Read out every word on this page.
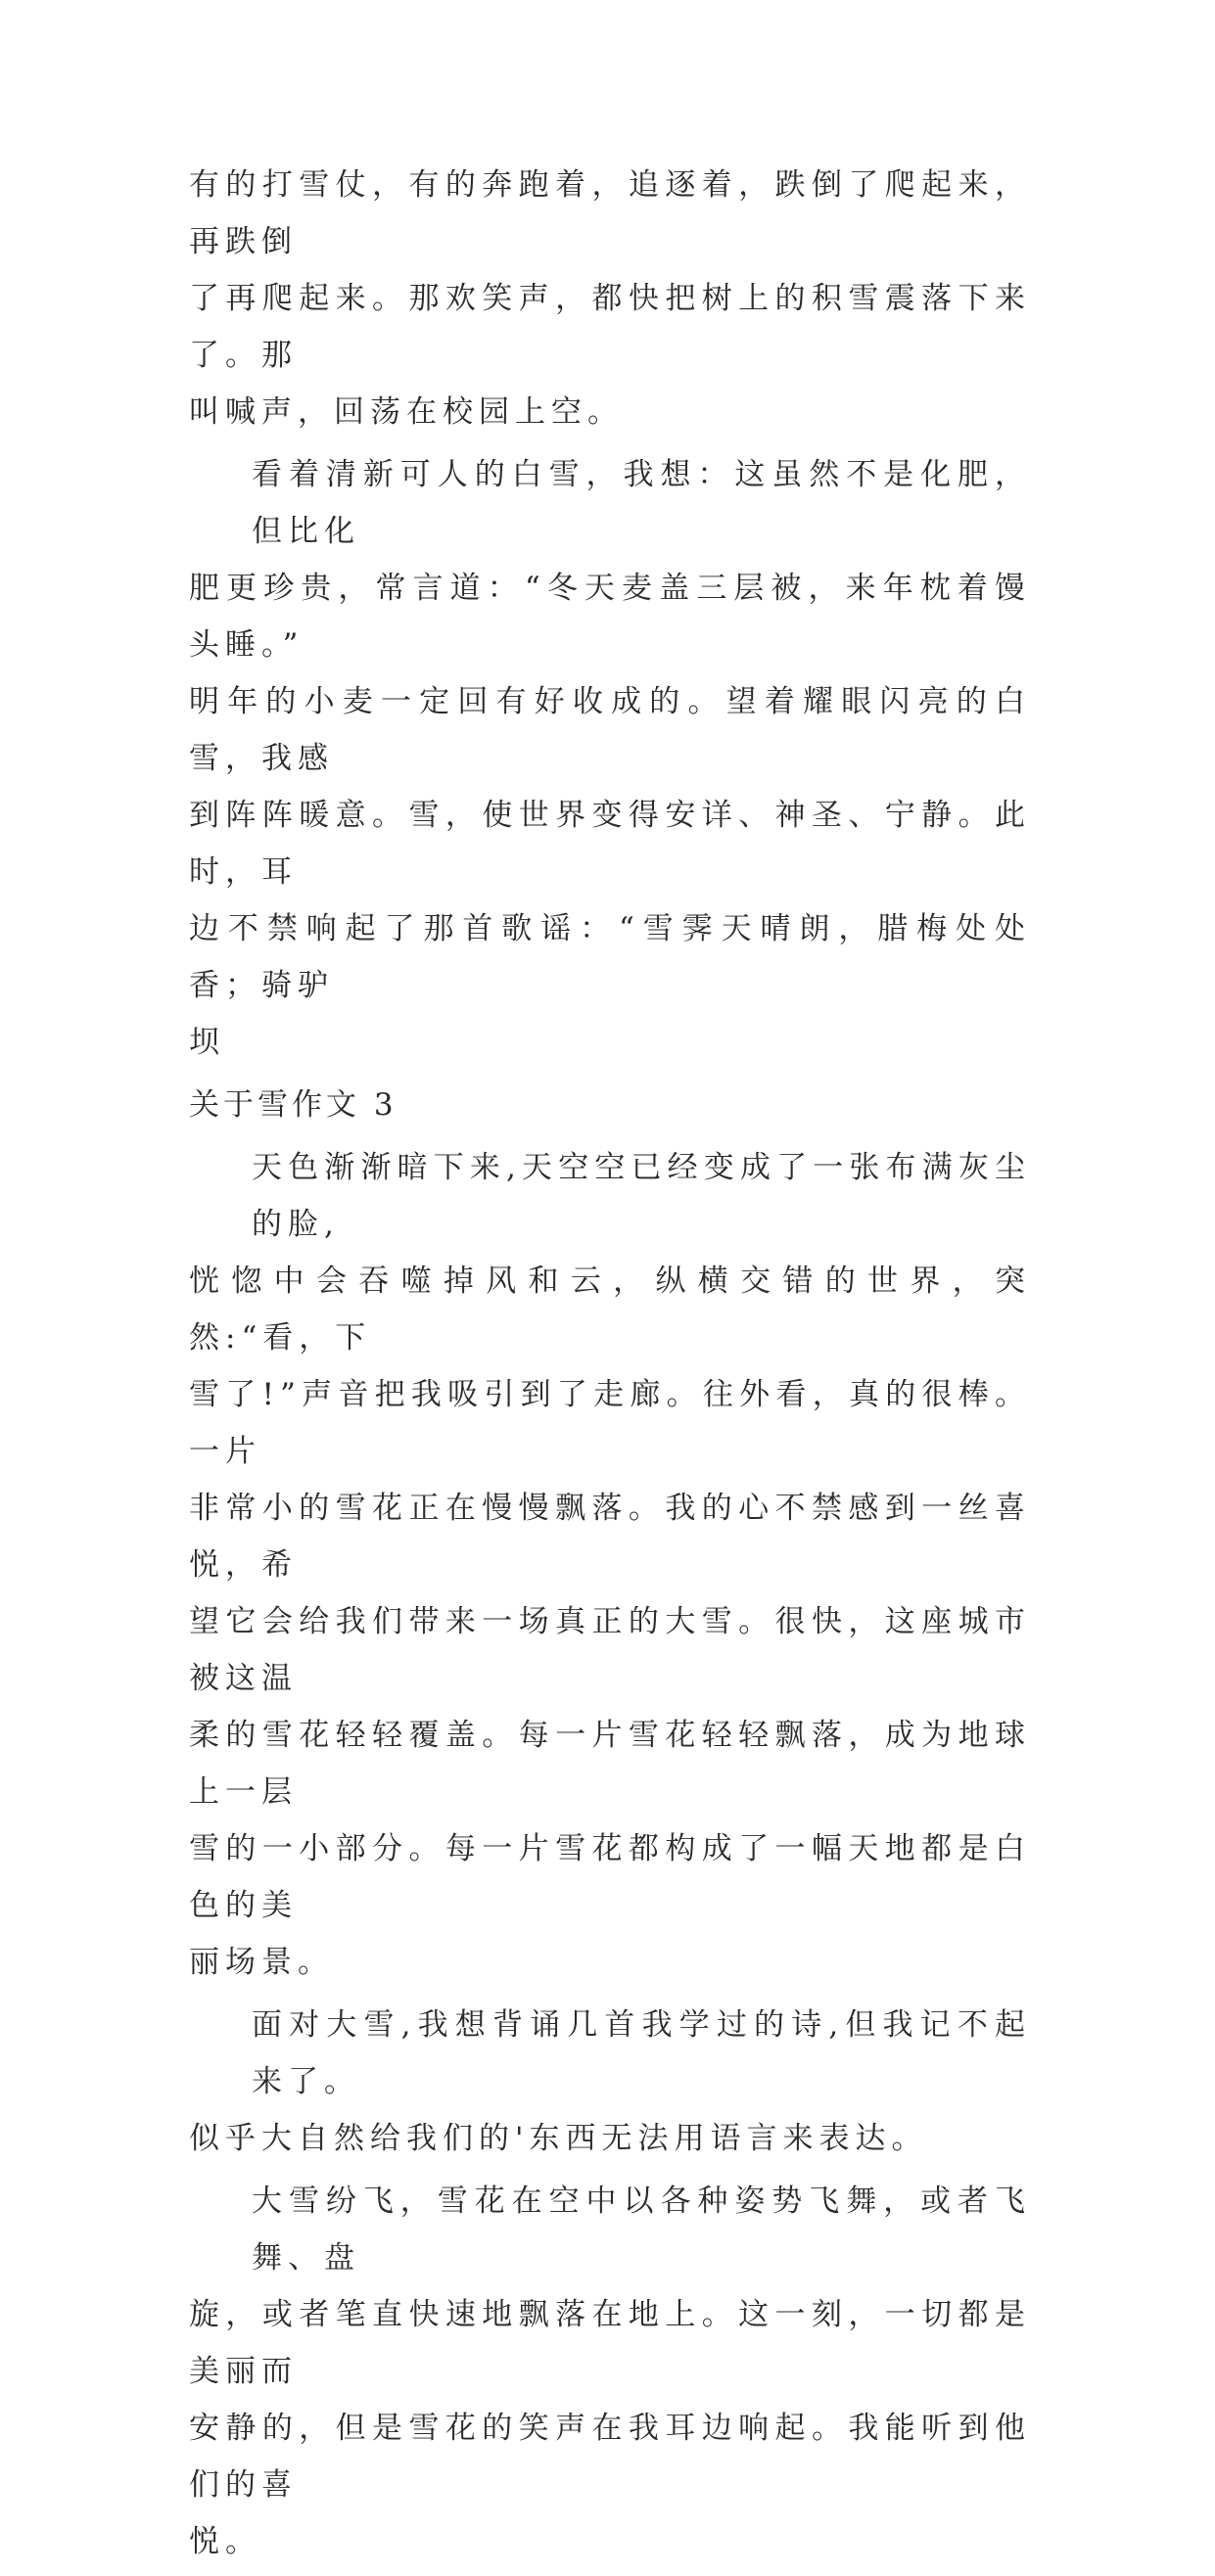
有的打雪仗，有的奔跑着，追逐着，跌倒了爬起来，再跌倒
了再爬起来。那欢笑声，都快把树上的积雪震落下来了。那
叫喊声，回荡在校园上空。
看着清新可人的白雪，我想：这虽然不是化肥，但比化
肥更珍贵，常言道：“冬天麦盖三层被，来年枕着馒头睡。”
明年的小麦一定回有好收成的。望着耀眼闪亮的白雪，我感
到阵阵暖意。雪，使世界变得安详、神圣、宁静。此时，耳
边不禁响起了那首歌谣：“雪霁天晴朗，腊梅处处香；骑驴
坝
关于雪作文 3
天色渐渐暗下来,天空空已经变成了一张布满灰尘的脸,
恍惚中会吞噬掉风和云，纵横交错的世界，突然:“看，下
雪了!”声音把我吸引到了走廊。往外看，真的很棒。一片
非常小的雪花正在慢慢飘落。我的心不禁感到一丝喜悦，希
望它会给我们带来一场真正的大雪。很快，这座城市被这温
柔的雪花轻轻覆盖。每一片雪花轻轻飘落，成为地球上一层
雪的一小部分。每一片雪花都构成了一幅天地都是白色的美
丽场景。
面对大雪,我想背诵几首我学过的诗,但我记不起来了。
似乎大自然给我们的'东西无法用语言来表达。
大雪纷飞，雪花在空中以各种姿势飞舞，或者飞舞、盘
旋，或者笔直快速地飘落在地上。这一刻，一切都是美丽而
安静的，但是雪花的笑声在我耳边响起。我能听到他们的喜
悦。
